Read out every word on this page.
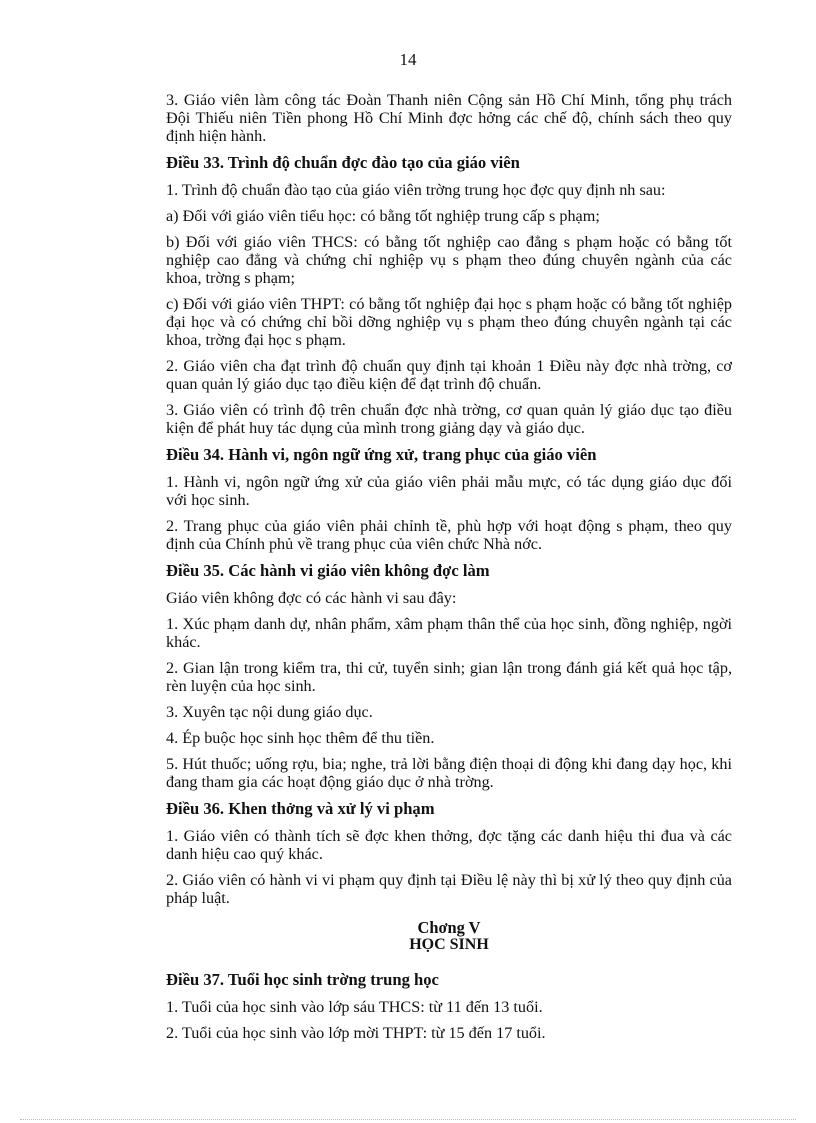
14

3. Giáo viên làm công tác Đoàn Thanh niên Cộng sản Hồ Chí Minh, tổng phụ trách Đội Thiếu niên Tiền phong Hồ Chí Minh đợc hởng các chế độ, chính sách theo quy định hiện hành.

Điều 33. Trình độ chuẩn đợc đào tạo của giáo viên

1. Trình độ chuẩn đào tạo của giáo viên trờng trung học đợc quy định nh sau:

a) Đối với giáo viên tiểu học: có bằng tốt nghiệp trung cấp s phạm;

b) Đối với giáo viên THCS: có bằng tốt nghiệp cao đẳng s phạm hoặc có bằng tốt nghiệp cao đẳng và chứng chỉ nghiệp vụ s phạm theo đúng chuyên ngành của các khoa, trờng s phạm;

c) Đối với giáo viên THPT: có bằng tốt nghiệp đại học s phạm hoặc có bằng tốt nghiệp đại học và có chứng chỉ bồi dỡng nghiệp vụ s phạm theo đúng chuyên ngành tại các khoa, trờng đại học s phạm.

2. Giáo viên cha đạt trình độ chuẩn quy định tại khoản 1 Điều này đợc nhà trờng, cơ quan quản lý giáo dục tạo điều kiện để đạt trình độ chuẩn.

3. Giáo viên có trình độ trên chuẩn đợc nhà trờng, cơ quan quản lý giáo dục tạo điều kiện để phát huy tác dụng của mình trong giảng dạy và giáo dục.

Điều 34. Hành vi, ngôn ngữ ứng xử, trang phục của giáo viên

1. Hành vi, ngôn ngữ ứng xử của giáo viên phải mẫu mực, có tác dụng giáo dục đối với học sinh.

2. Trang phục của giáo viên phải chỉnh tề, phù hợp với hoạt động s phạm, theo quy định của Chính phủ về trang phục của viên chức Nhà nớc.

Điều 35. Các hành vi giáo viên không đợc làm

Giáo viên không đợc có các hành vi sau đây:

1. Xúc phạm danh dự, nhân phẩm, xâm phạm thân thể của học sinh, đồng nghiệp, ngời khác.

2. Gian lận trong kiểm tra, thi cử, tuyển sinh; gian lận trong đánh giá kết quả học tập, rèn luyện của học sinh.

3. Xuyên tạc nội dung giáo dục.

4. Ép buộc học sinh học thêm để thu tiền.

5. Hút thuốc; uống rợu, bia; nghe, trả lời bằng điện thoại di động khi đang dạy học, khi đang tham gia các hoạt động giáo dục ở nhà trờng.

Điều 36. Khen thởng và xử lý vi phạm

1. Giáo viên có thành tích sẽ đợc khen thởng, đợc tặng các danh hiệu thi đua và các danh hiệu cao quý khác.

2. Giáo viên có hành vi vi phạm quy định tại Điều lệ này thì bị xử lý theo quy định của pháp luật.

Chơng V

HỌC SINH

Điều 37. Tuổi học sinh trờng trung học

1. Tuổi của học sinh vào lớp sáu THCS: từ 11 đến 13 tuổi.

2. Tuổi của học sinh vào lớp mời THPT: từ 15 đến 17 tuổi.
